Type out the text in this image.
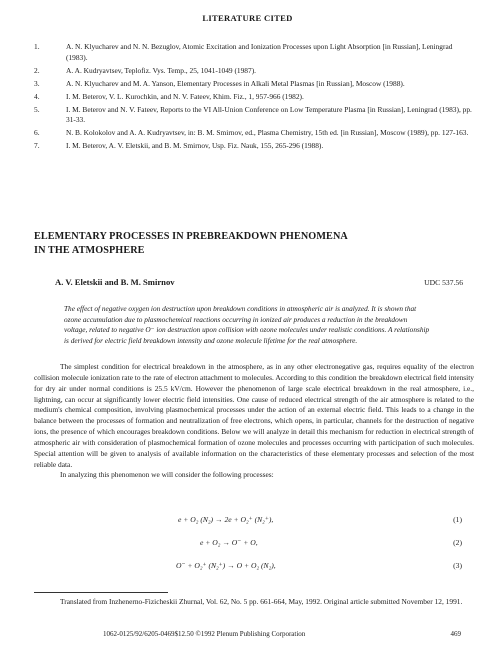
LITERATURE CITED
1.	A. N. Klyucharev and N. N. Bezuglov, Atomic Excitation and Ionization Processes upon Light Absorption [in Russian], Leningrad (1983).
2.	A. A. Kudryavtsev, Teplofiz. Vys. Temp., 25, 1041-1049 (1987).
3.	A. N. Klyucharev and M. A. Yanson, Elementary Processes in Alkali Metal Plasmas [in Russian], Moscow (1988).
4.	I. M. Beterov, V. L. Kurochkin, and N. V. Fateev, Khim. Fiz., 1, 957-966 (1982).
5.	I. M. Beterov and N. V. Fateev, Reports to the VI All-Union Conference on Low Temperature Plasma [in Russian], Leningrad (1983), pp. 31-33.
6.	N. B. Kolokolov and A. A. Kudryavtsev, in: B. M. Smirnov, ed., Plasma Chemistry, 15th ed. [in Russian], Moscow (1989), pp. 127-163.
7.	I. M. Beterov, A. V. Eletskii, and B. M. Smirnov, Usp. Fiz. Nauk, 155, 265-296 (1988).
ELEMENTARY PROCESSES IN PREBREAKDOWN PHENOMENA
IN THE ATMOSPHERE
A. V. Eletskii and B. M. Smirnov	UDC 537.56
The effect of negative oxygen ion destruction upon breakdown conditions in atmospheric air is analyzed. It is shown that ozone accumulation due to plasmochemical reactions occurring in ionized air produces a reduction in the breakdown voltage, related to negative O⁻ ion destruction upon collision with ozone molecules under realistic conditions. A relationship is derived for electric field breakdown intensity and ozone molecule lifetime for the real atmosphere.

The simplest condition for electrical breakdown in the atmosphere, as in any other electronegative gas, requires equality of the electron collision molecule ionization rate to the rate of electron attachment to molecules. According to this condition the breakdown electrical field intensity for dry air under normal conditions is 25.5 kV/cm. However the phenomenon of large scale electrical breakdown in the real atmosphere, i.e., lightning, can occur at significantly lower electric field intensities. One cause of reduced electrical strength of the air atmosphere is related to the medium's chemical composition, involving plasmochemical processes under the action of an external electric field. This leads to a change in the balance between the processes of formation and neutralization of free electrons, which opens, in particular, channels for the destruction of negative ions, the presence of which encourages breakdown conditions. Below we will analyze in detail this mechanism for reduction in electrical strength of atmospheric air with consideration of plasmochemical formation of ozone molecules and processes occurring with participation of such molecules. Special attention will be given to analysis of available information on the characteristics of these elementary processes and selection of the most reliable data.

In analyzing this phenomenon we will consider the following processes:

e + O₂ (N₂) → 2e + O₂⁺ (N₂⁺),	(1)
e + O₂ → O⁻ + O,	(2)
O⁻ + O₂⁺ (N₂⁺) → O + O₂ (N₂),	(3)
Translated from Inzhenerno-Fizicheskii Zhurnal, Vol. 62, No. 5 pp. 661-664, May, 1992. Original article submitted November 12, 1991.
1062-0125/92/6205-0469$12.50 ©1992 Plenum Publishing Corporation	469
